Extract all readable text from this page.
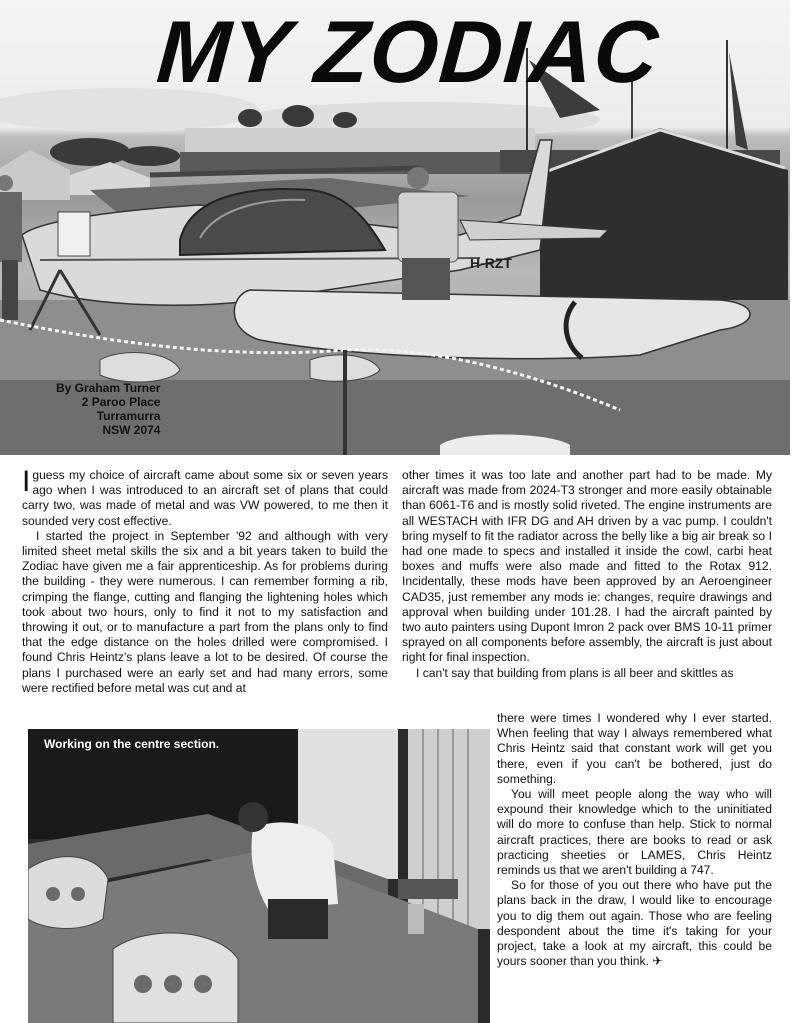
H-RZT
MY ZODIAC
By Graham Turner
2 Paroo Place
Turramurra
NSW 2074

Iguess my choice of aircraft came about some six or seven years ago when I was introduced to an aircraft set of plans that could carry two, was made of metal and was VW powered, to me then it sounded very cost effective.

I started the project in September '92 and although with very limited sheet metal skills the six and a bit years taken to build the Zodiac have given me a fair apprenticeship. As for problems during the building - they were numerous. I can remember forming a rib, crimping the flange, cutting and flanging the lightening holes which took about two hours, only to find it not to my satisfaction and throwing it out, or to manufacture a part from the plans only to find that the edge distance on the holes drilled were compromised. I found Chris Heintz's plans leave a lot to be desired. Of course the plans I purchased were an early set and had many errors, some were rectified before metal was cut and at

other times it was too late and another part had to be made. My aircraft was made from 2024-T3 stronger and more easily obtainable than 6061-T6 and is mostly solid riveted. The engine instruments are all WESTACH with IFR DG and AH driven by a vac pump. I couldn't bring myself to fit the radiator across the belly like a big air break so I had one made to specs and installed it inside the cowl, carbi heat boxes and muffs were also made and fitted to the Rotax 912. Incidentally, these mods have been approved by an Aeroengineer CAD35, just remember any mods ie: changes, require drawings and approval when building under 101.28. I had the aircraft painted by two auto painters using Dupont Imron 2 pack over BMS 10-11 primer sprayed on all components before assembly, the aircraft is just about right for final inspection.

I can't say that building from plans is all beer and skittles as

there were times I wondered why I ever started. When feeling that way I always remembered what Chris Heintz said that constant work will get you there, even if you can't be bothered, just do something.

You will meet people along the way who will expound their knowledge which to the uninitiated will do more to confuse than help. Stick to normal aircraft practices, there are books to read or ask practicing sheeties or LAMES, Chris Heintz reminds us that we aren't building a 747.

So for those of you out there who have put the plans back in the draw, I would like to encourage you to dig them out again. Those who are feeling despondent about the time it's taking for your project, take a look at my aircraft, this could be yours sooner than you think. ✈

Working on the centre section.
